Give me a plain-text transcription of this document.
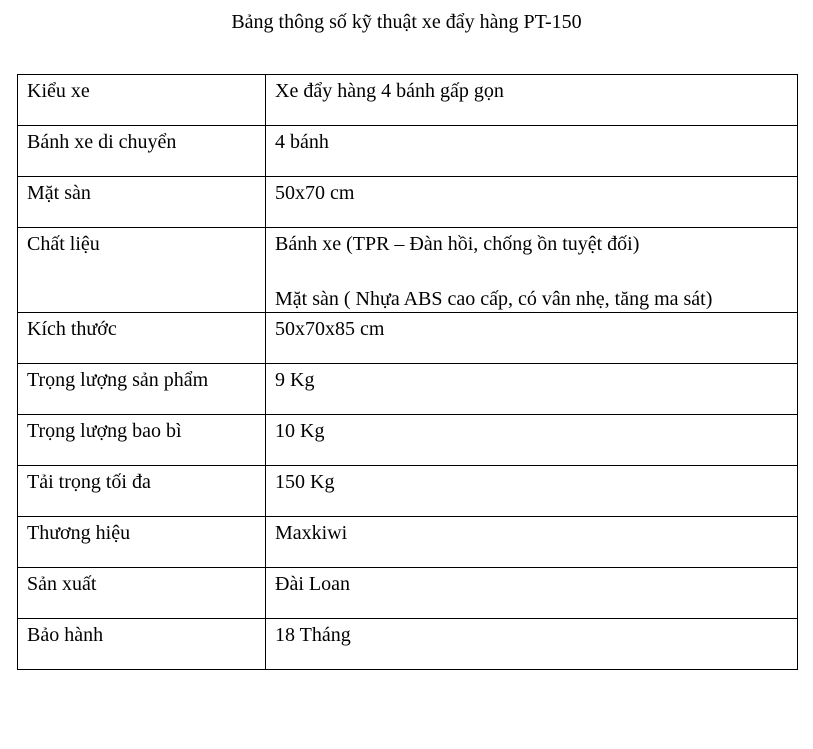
Bảng thông số kỹ thuật xe đẩy hàng PT-150
Kiểu xe	Xe đẩy hàng 4 bánh gấp gọn
Bánh xe di chuyển	4 bánh
Mặt sàn	50x70 cm
Chất liệu	Bánh xe (TPR – Đàn hồi, chống ồn tuyệt đối)
Mặt sàn ( Nhựa ABS cao cấp, có vân nhẹ, tăng ma sát)

Kích thước	50x70x85 cm
Trọng lượng sản phẩm	9 Kg
Trọng lượng bao bì	10 Kg
Tải trọng tối đa	150 Kg
Thương hiệu	Maxkiwi
Sản xuất	Đài Loan
Bảo hành	18 Tháng
